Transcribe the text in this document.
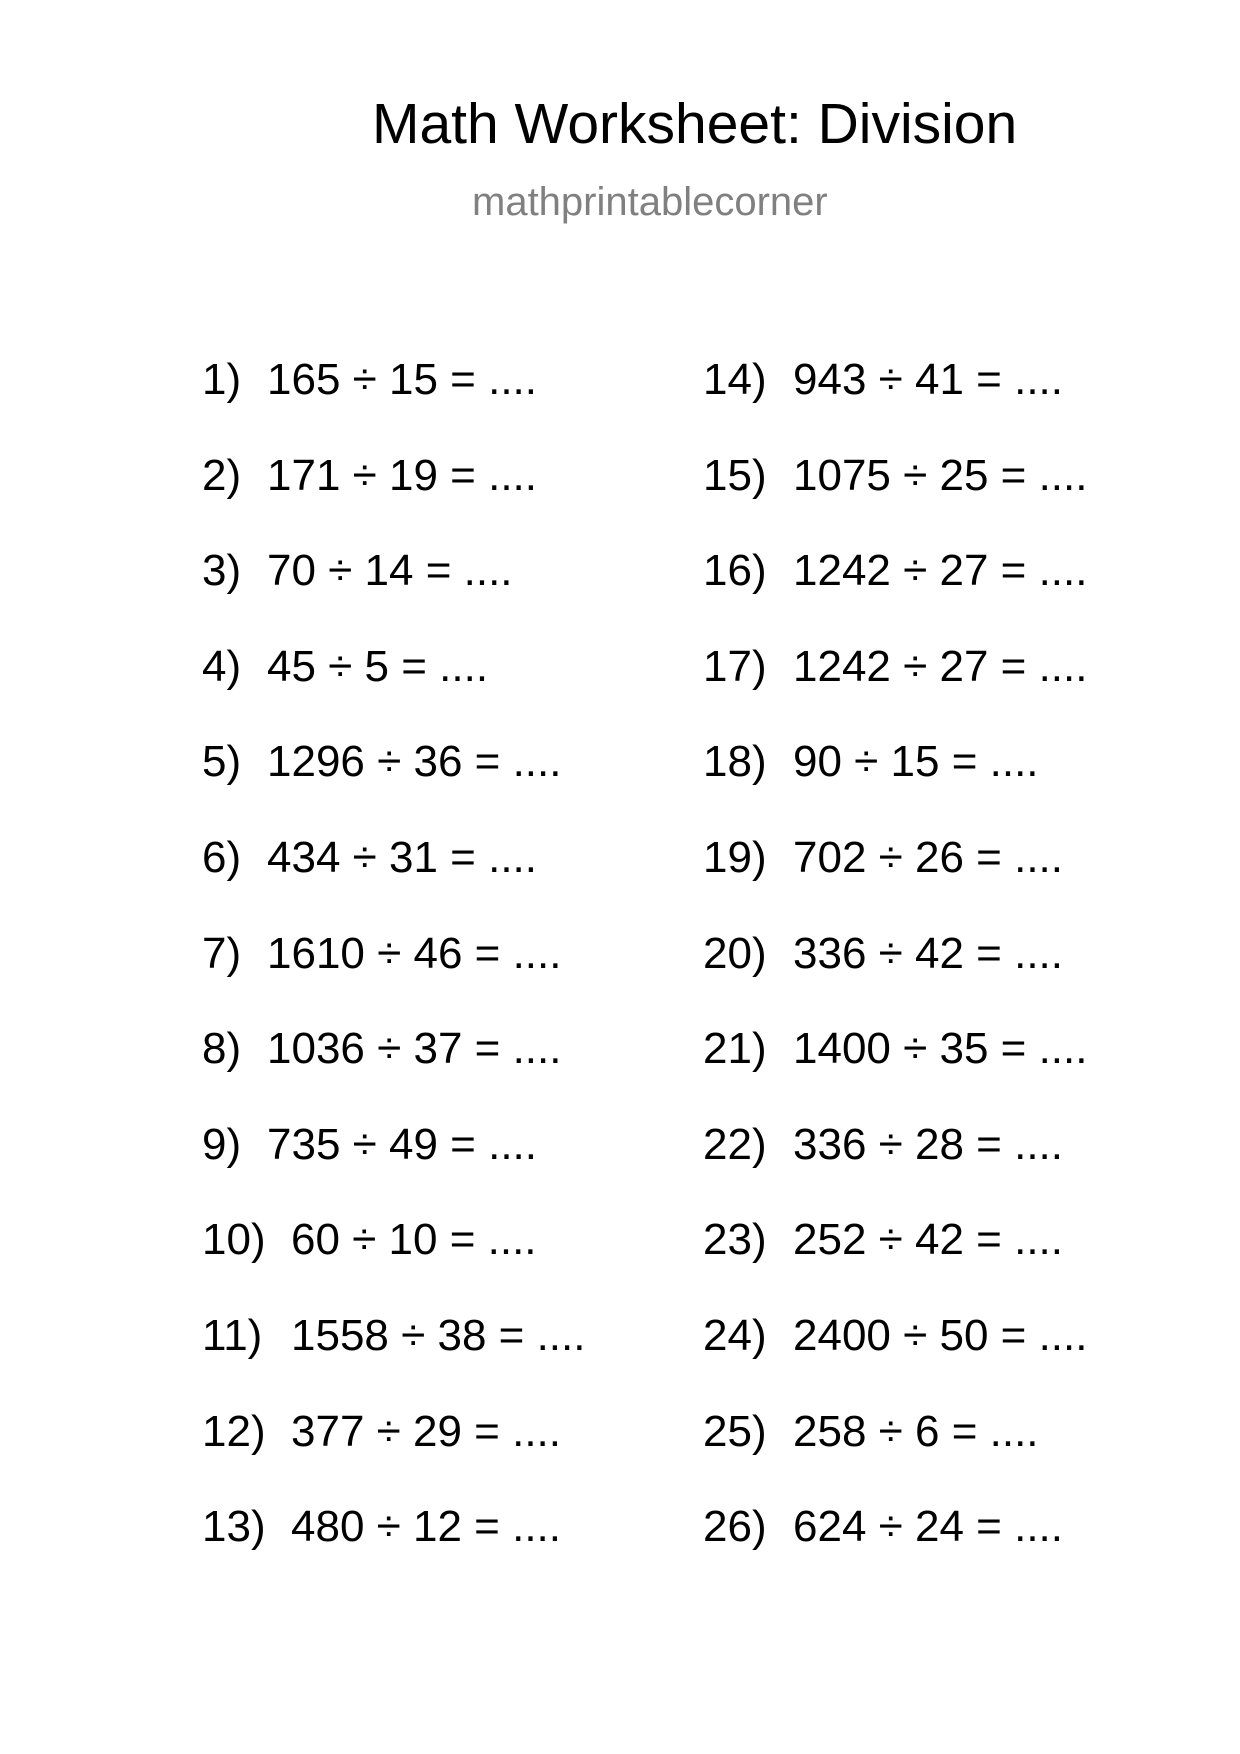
Math Worksheet: Division
mathprintablecorner
1) 165 ÷ 15 = ....
2) 171 ÷ 19 = ....
3) 70 ÷ 14 = ....
4) 45 ÷ 5 = ....
5) 1296 ÷ 36 = ....
6) 434 ÷ 31 = ....
7) 1610 ÷ 46 = ....
8) 1036 ÷ 37 = ....
9) 735 ÷ 49 = ....
10) 60 ÷ 10 = ....
11) 1558 ÷ 38 = ....
12) 377 ÷ 29 = ....
13) 480 ÷ 12 = ....
14) 943 ÷ 41 = ....
15) 1075 ÷ 25 = ....
16) 1242 ÷ 27 = ....
17) 1242 ÷ 27 = ....
18) 90 ÷ 15 = ....
19) 702 ÷ 26 = ....
20) 336 ÷ 42 = ....
21) 1400 ÷ 35 = ....
22) 336 ÷ 28 = ....
23) 252 ÷ 42 = ....
24) 2400 ÷ 50 = ....
25) 258 ÷ 6 = ....
26) 624 ÷ 24 = ....
